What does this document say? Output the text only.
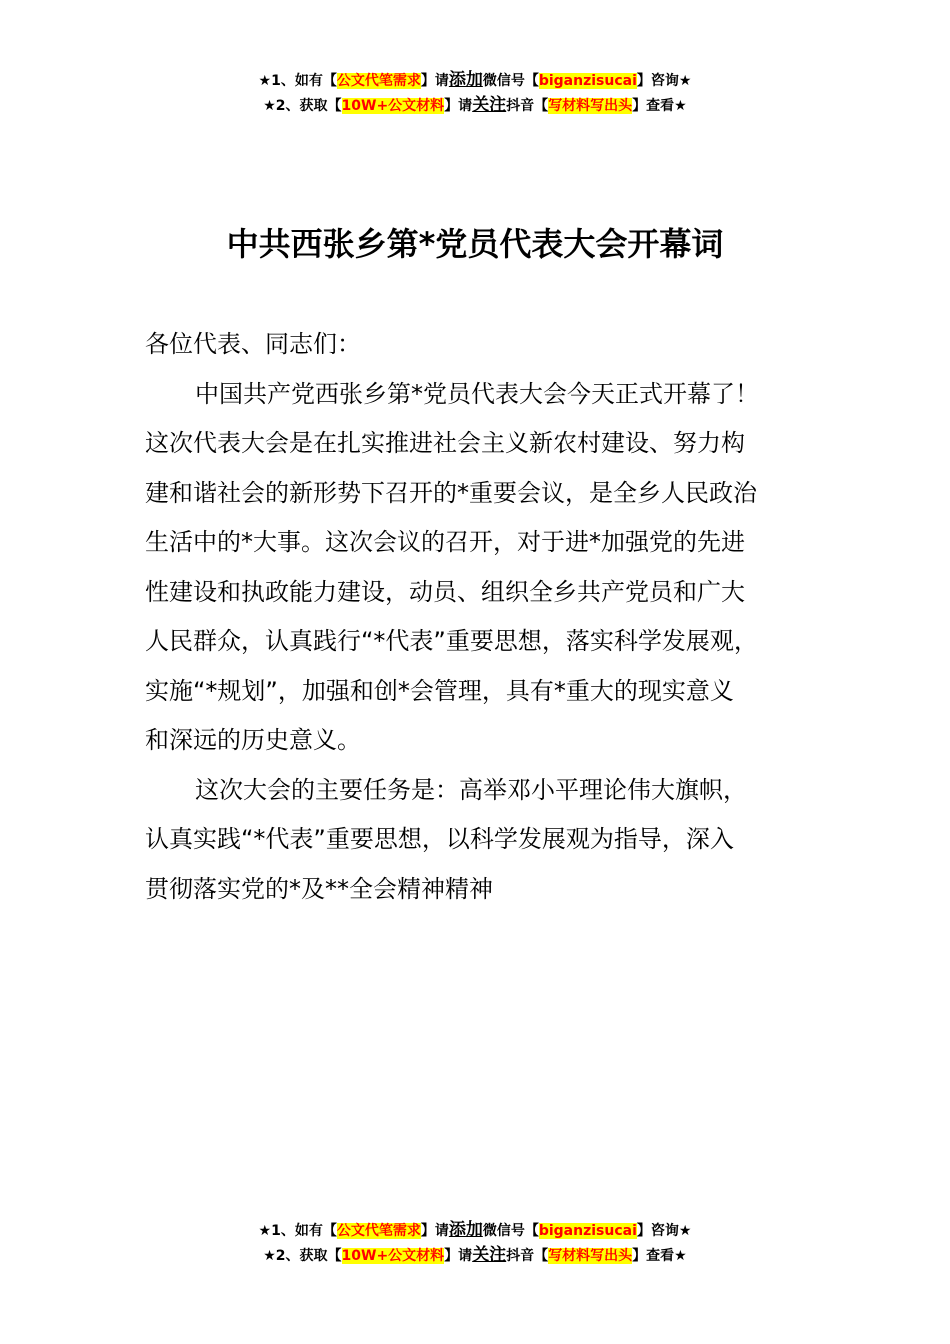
★1、如有【公文代笔需求】请添加微信号【biganzisucai】咨询★
★2、获取【10W+公文材料】请关注抖音【写材料写出头】查看★
中共西张乡第*党员代表大会开幕词

各位代表、同志们：

中国共产党西张乡第*党员代表大会今天正式开幕了！
这次代表大会是在扎实推进社会主义新农村建设、努力构
建和谐社会的新形势下召开的*重要会议，是全乡人民政治
生活中的*大事。这次会议的召开，对于进*加强党的先进
性建设和执政能力建设，动员、组织全乡共产党员和广大
人民群众，认真践行“*代表”重要思想，落实科学发展观，
实施“*规划”，加强和创*会管理，具有*重大的现实意义
和深远的历史意义。

这次大会的主要任务是：高举邓小平理论伟大旗帜，
认真实践“*代表”重要思想，以科学发展观为指导，深入
贯彻落实党的*及**全会精神精神

★1、如有【公文代笔需求】请添加微信号【biganzisucai】咨询★
★2、获取【10W+公文材料】请关注抖音【写材料写出头】查看★
